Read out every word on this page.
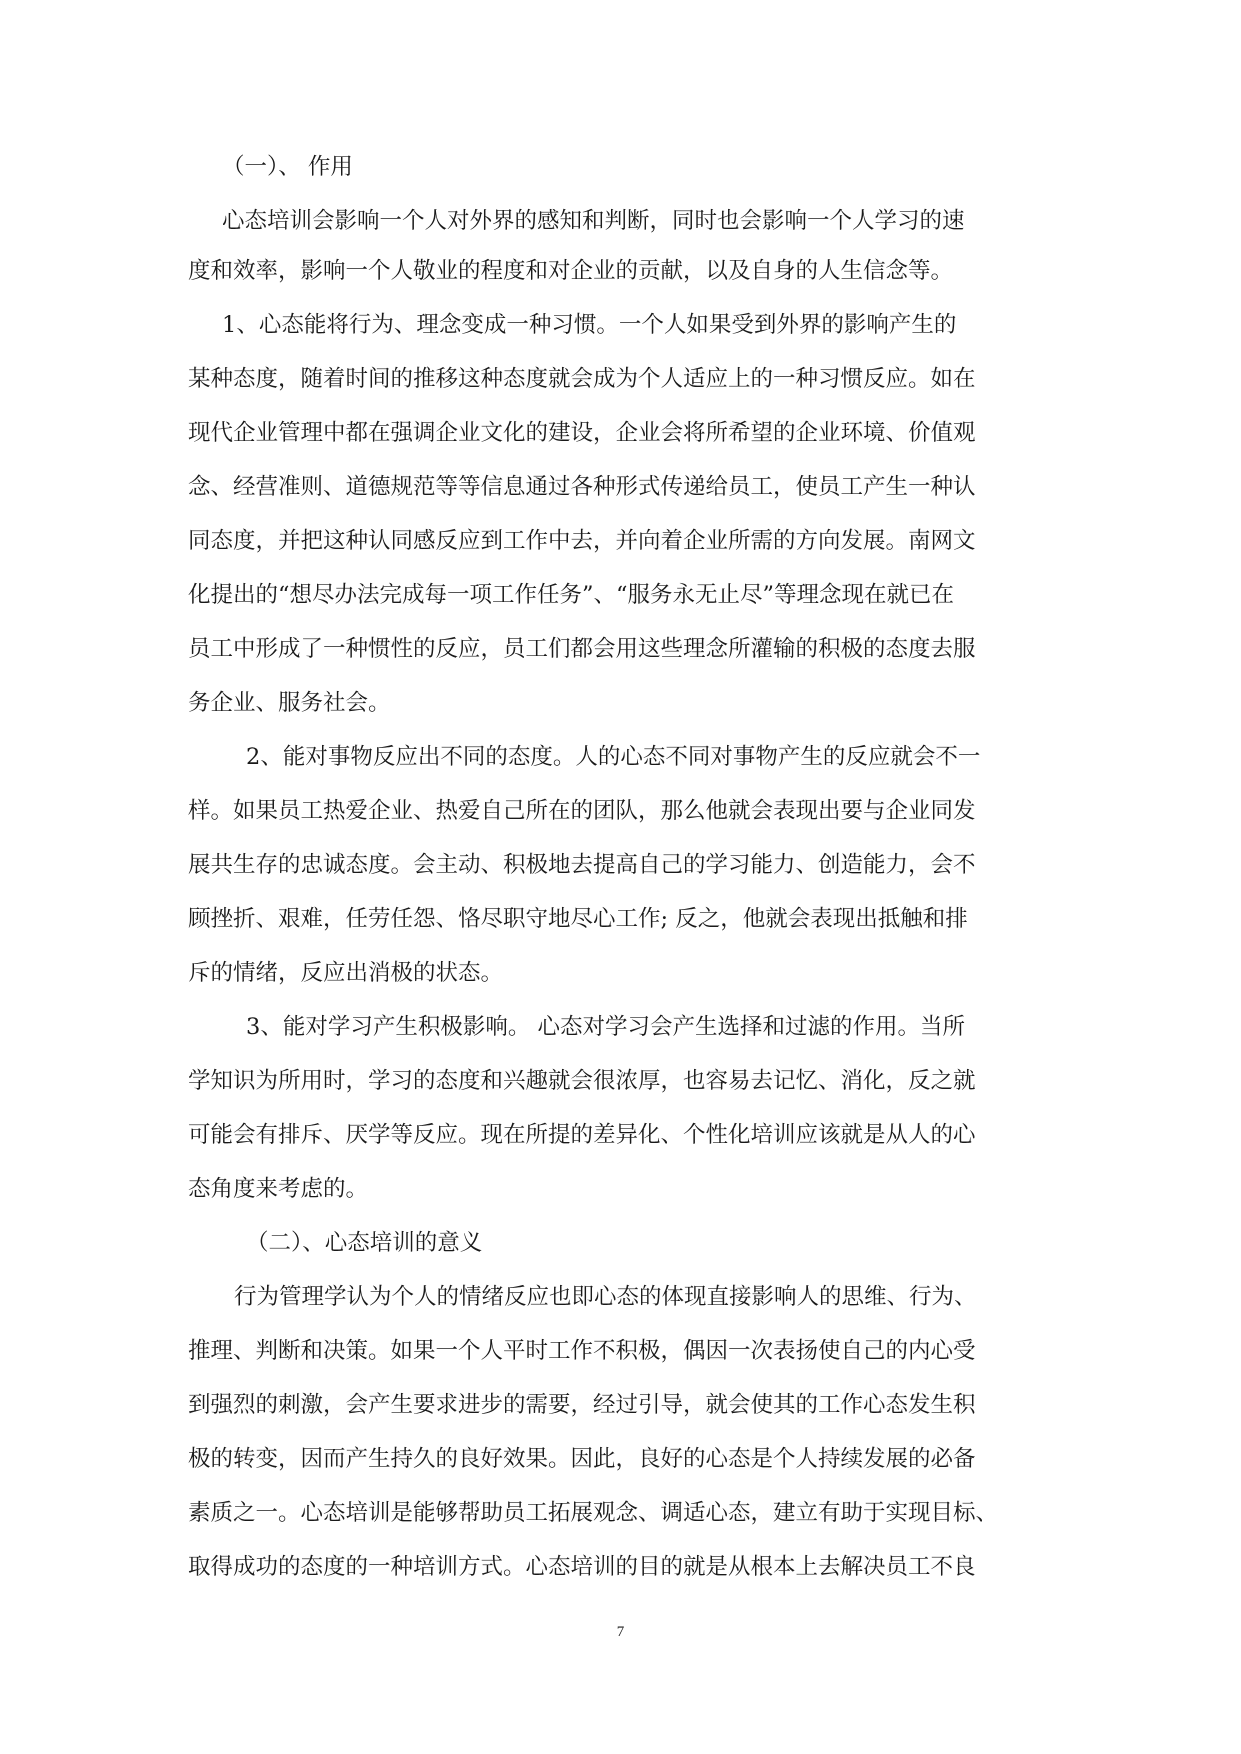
（一）、 作用
心态培训会影响一个人对外界的感知和判断，同时也会影响一个人学习的速
度和效率，影响一个人敬业的程度和对企业的贡献，以及自身的人生信念等。
1、心态能将行为、理念变成一种习惯。一个人如果受到外界的影响产生的
某种态度，随着时间的推移这种态度就会成为个人适应上的一种习惯反应。如在
现代企业管理中都在强调企业文化的建设，企业会将所希望的企业环境、价值观
念、经营准则、道德规范等等信息通过各种形式传递给员工，使员工产生一种认
同态度，并把这种认同感反应到工作中去，并向着企业所需的方向发展。南网文
化提出的“想尽办法完成每一项工作任务”、“服务永无止尽”等理念现在就已在
员工中形成了一种惯性的反应，员工们都会用这些理念所灌输的积极的态度去服
务企业、服务社会。
2、能对事物反应出不同的态度。人的心态不同对事物产生的反应就会不一
样。如果员工热爱企业、热爱自己所在的团队，那么他就会表现出要与企业同发
展共生存的忠诚态度。会主动、积极地去提高自己的学习能力、创造能力，会不
顾挫折、艰难，任劳任怨、恪尽职守地尽心工作; 反之，他就会表现出抵触和排
斥的情绪，反应出消极的状态。
3、能对学习产生积极影响。 心态对学习会产生选择和过滤的作用。当所
学知识为所用时，学习的态度和兴趣就会很浓厚，也容易去记忆、消化，反之就
可能会有排斥、厌学等反应。现在所提的差异化、个性化培训应该就是从人的心
态角度来考虑的。
（二）、心态培训的意义
行为管理学认为个人的情绪反应也即心态的体现直接影响人的思维、行为、
推理、判断和决策。如果一个人平时工作不积极，偶因一次表扬使自己的内心受
到强烈的刺激，会产生要求进步的需要，经过引导，就会使其的工作心态发生积
极的转变，因而产生持久的良好效果。因此，良好的心态是个人持续发展的必备
素质之一。心态培训是能够帮助员工拓展观念、调适心态，建立有助于实现目标、
取得成功的态度的一种培训方式。心态培训的目的就是从根本上去解决员工不良
7
